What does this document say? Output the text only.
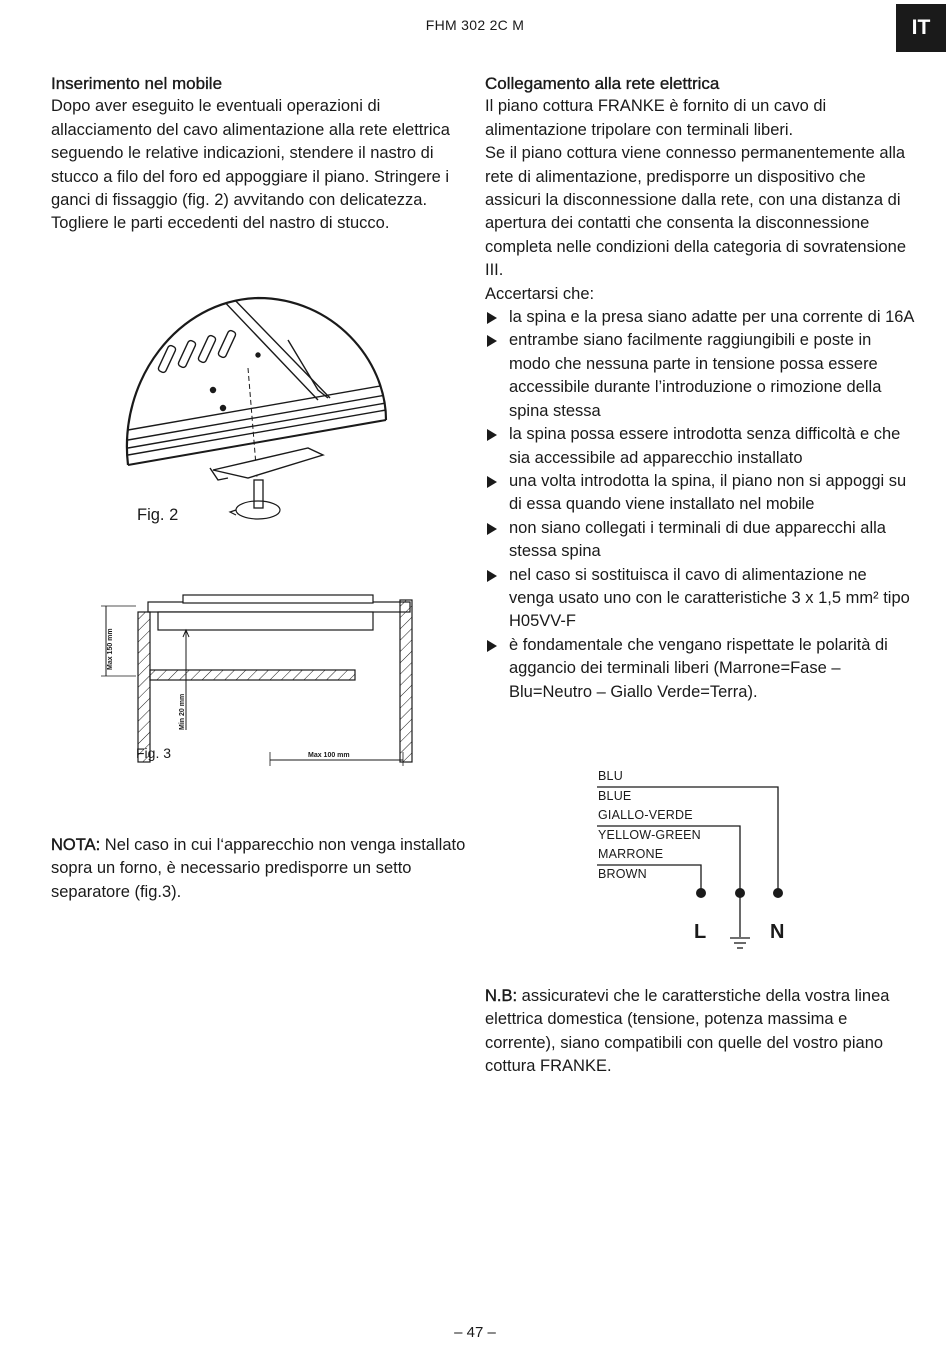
FHM 302 2C M	IT
Inserimento nel mobile

Dopo aver eseguito le eventuali operazioni di allacciamento del cavo alimentazione alla rete elettrica seguendo le relative indicazioni, stendere il nastro di stucco a filo del foro ed appoggiare il piano. Stringere i ganci di fissaggio (fig. 2) avvitando con delicatezza. Togliere le parti eccedenti del nastro di stucco.

Fig. 2
Max 150 mm
Min 20 mm
Max 100 mm
Fig. 3

NOTA: Nel caso in cui l‘apparecchio non venga installato sopra un forno, è necessario predisporre un setto separatore (fig.3).

Collegamento alla rete elettrica

Il piano cottura FRANKE è fornito di un cavo di alimentazione tripolare con terminali liberi.

Se il piano cottura viene connesso permanentemente alla rete di alimentazione, predisporre un dispositivo che assicuri la disconnessione dalla rete, con una distanza di apertura dei contatti che consenta la disconnessione completa nelle condizioni della categoria di sovratensione III.

Accertarsi che:

la spina e la presa siano adatte per una corrente di 16A
entrambe siano facilmente raggiungibili e poste in modo che nessuna parte in tensione possa essere accessibile durante l’introduzione o rimozione della spina stessa
la spina possa essere introdotta senza difficoltà e che sia accessibile ad apparecchio installato
una volta introdotta la spina, il piano non si appoggi su di essa quando viene installato nel mobile
non siano collegati i terminali di due apparecchi alla stessa spina
nel caso si sostituisca il cavo di alimentazione ne venga usato uno con le caratteristiche 3 x 1,5 mm² tipo H05VV-F
è fondamentale che vengano rispettate le polarità di aggancio dei terminali liberi (Marrone=Fase – Blu=Neutro – Giallo Verde=Terra).
BLU
BLUE
GIALLO-VERDE
YELLOW-GREEN
MARRONE
BROWN
L	N

N.B: assicuratevi che le caratterstiche della vostra linea elettrica domestica (tensione, potenza massima e corrente), siano compatibili con quelle del vostro piano cottura FRANKE.

– 47 –
